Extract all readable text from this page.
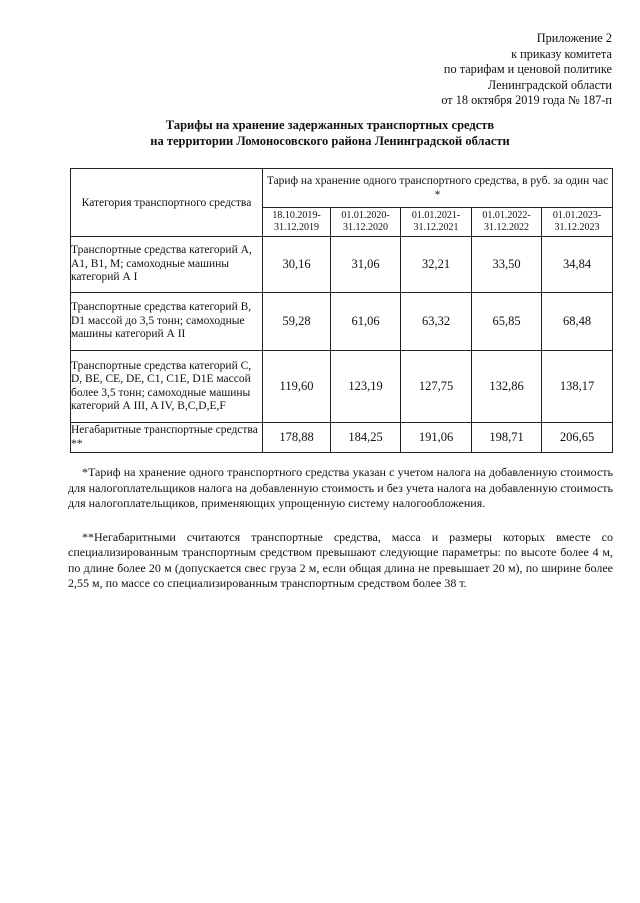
Приложение 2
к приказу комитета
по тарифам и ценовой политике
Ленинградской области
от 18 октября 2019 года № 187-п
Тарифы на хранение задержанных транспортных средств
на территории Ломоносовского района Ленинградской области
Категория транспортного средства	Тариф на хранение одного транспортного средства, в руб. за один час *				
	18.10.2019-31.12.2019	01.01.2020-31.12.2020	01.01.2021-31.12.2021	01.01.2022-31.12.2022	01.01.2023-31.12.2023
Транспортные средства категорий А, А1, В1, М; самоходные машины категорий А I	30,16	31,06	32,21	33,50	34,84
Транспортные средства категорий В, D1 массой до 3,5 тонн; самоходные машины категорий А II	59,28	61,06	63,32	65,85	68,48
Транспортные средства категорий С, D, ВЕ, СЕ, DE, С1, С1Е, D1E массой более 3,5 тонн; самоходные машины категорий А III, A IV, B,C,D,E,F	119,60	123,19	127,75	132,86	138,17
Негабаритные транспортные средства **	178,88	184,25	191,06	198,71	206,65

*Тариф на хранение одного транспортного средства указан с учетом налога на добавленную стоимость для налогоплательщиков налога на добавленную стоимость и без учета налога на добавленную стоимость для налогоплательщиков, применяющих упрощенную систему налогообложения.

**Негабаритными считаются транспортные средства, масса и размеры которых вместе со специализированным транспортным средством превышают следующие параметры: по высоте более 4 м, по длине более 20 м (допускается свес груза 2 м, если общая длина не превышает 20 м), по ширине более 2,55 м, по массе со специализированным транспортным средством более 38 т.
